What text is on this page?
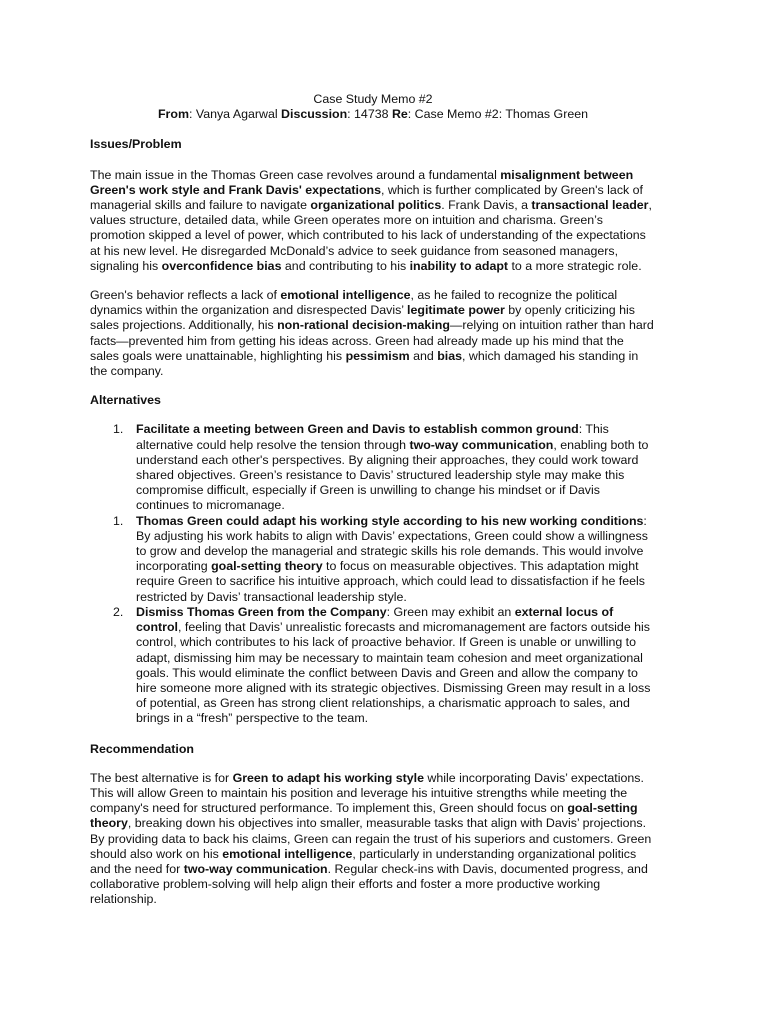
Case Study Memo #2

From: Vanya Agarwal Discussion: 14738 Re: Case Memo #2: Thomas Green

Issues/Problem

The main issue in the Thomas Green case revolves around a fundamental misalignment between Green's work style and Frank Davis' expectations, which is further complicated by Green's lack of managerial skills and failure to navigate organizational politics. Frank Davis, a transactional leader, values structure, detailed data, while Green operates more on intuition and charisma. Green’s promotion skipped a level of power, which contributed to his lack of understanding of the expectations at his new level. He disregarded McDonald’s advice to seek guidance from seasoned managers, signaling his overconfidence bias and contributing to his inability to adapt to a more strategic role.

Green's behavior reflects a lack of emotional intelligence, as he failed to recognize the political dynamics within the organization and disrespected Davis’ legitimate power by openly criticizing his sales projections. Additionally, his non-rational decision-making—relying on intuition rather than hard facts—prevented him from getting his ideas across. Green had already made up his mind that the sales goals were unattainable, highlighting his pessimism and bias, which damaged his standing in the company.

Alternatives

1. Facilitate a meeting between Green and Davis to establish common ground: This alternative could help resolve the tension through two-way communication, enabling both to understand each other's perspectives. By aligning their approaches, they could work toward shared objectives. Green’s resistance to Davis’ structured leadership style may make this compromise difficult, especially if Green is unwilling to change his mindset or if Davis continues to micromanage.
1. Thomas Green could adapt his working style according to his new working conditions: By adjusting his work habits to align with Davis’ expectations, Green could show a willingness to grow and develop the managerial and strategic skills his role demands. This would involve incorporating goal-setting theory to focus on measurable objectives. This adaptation might require Green to sacrifice his intuitive approach, which could lead to dissatisfaction if he feels restricted by Davis’ transactional leadership style.
2. Dismiss Thomas Green from the Company: Green may exhibit an external locus of control, feeling that Davis’ unrealistic forecasts and micromanagement are factors outside his control, which contributes to his lack of proactive behavior. If Green is unable or unwilling to adapt, dismissing him may be necessary to maintain team cohesion and meet organizational goals. This would eliminate the conflict between Davis and Green and allow the company to hire someone more aligned with its strategic objectives. Dismissing Green may result in a loss of potential, as Green has strong client relationships, a charismatic approach to sales, and brings in a “fresh” perspective to the team.

Recommendation

The best alternative is for Green to adapt his working style while incorporating Davis’ expectations. This will allow Green to maintain his position and leverage his intuitive strengths while meeting the company's need for structured performance. To implement this, Green should focus on goal-setting theory, breaking down his objectives into smaller, measurable tasks that align with Davis’ projections. By providing data to back his claims, Green can regain the trust of his superiors and customers. Green should also work on his emotional intelligence, particularly in understanding organizational politics and the need for two-way communication. Regular check-ins with Davis, documented progress, and collaborative problem-solving will help align their efforts and foster a more productive working relationship.
